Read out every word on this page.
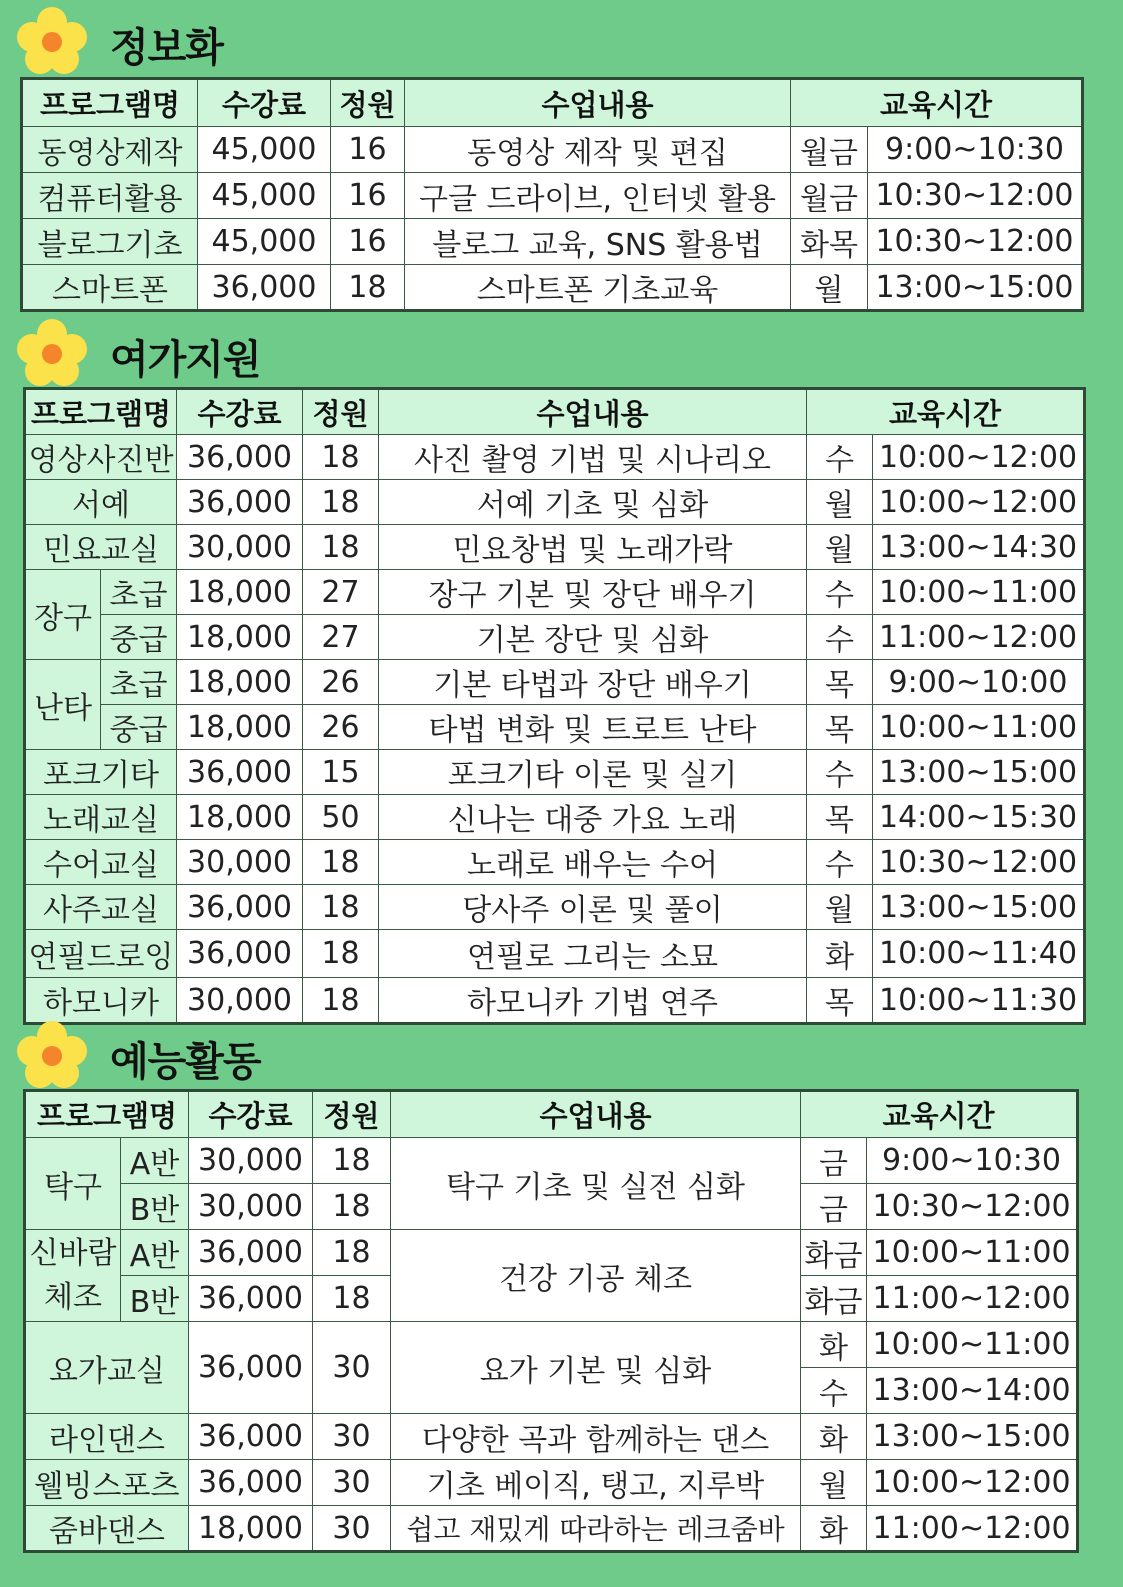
정보화
프로그램명	수강료	정원	수업내용	교육시간	
동영상제작	45,000	16	동영상 제작 및 편집	월금	9:00~10:30
컴퓨터활용	45,000	16	구글 드라이브, 인터넷 활용	월금	10:30~12:00
블로그기초	45,000	16	블로그 교육, SNS 활용법	화목	10:30~12:00
스마트폰	36,000	18	스마트폰 기초교육	월	13:00~15:00
여가지원
프로그램명		수강료	정원	수업내용	교육시간	
영상사진반		36,000	18	사진 촬영 기법 및 시나리오	수	10:00~12:00
서예		36,000	18	서예 기초 및 심화	월	10:00~12:00
민요교실		30,000	18	민요창법 및 노래가락	월	13:00~14:30
장구	초급	18,000	27	장구 기본 및 장단 배우기	수	10:00~11:00
	중급	18,000	27	기본 장단 및 심화	수	11:00~12:00
난타	초급	18,000	26	기본 타법과 장단 배우기	목	9:00~10:00
	중급	18,000	26	타법 변화 및 트로트 난타	목	10:00~11:00
포크기타		36,000	15	포크기타 이론 및 실기	수	13:00~15:00
노래교실		18,000	50	신나는 대중 가요 노래	목	14:00~15:30
수어교실		30,000	18	노래로 배우는 수어	수	10:30~12:00
사주교실		36,000	18	당사주 이론 및 풀이	월	13:00~15:00
연필드로잉		36,000	18	연필로 그리는 소묘	화	10:00~11:40
하모니카		30,000	18	하모니카 기법 연주	목	10:00~11:30
예능활동
프로그램명		수강료	정원	수업내용	교육시간	
탁구	A반	30,000	18	탁구 기초 및 실전 심화	금	9:00~10:30
	B반	30,000	18		금	10:30~12:00

신바람
체조	A반	36,000	18	건강 기공 체조	화금	10:00~11:00
	B반	36,000	18		화금	11:00~12:00
요가교실		36,000	30	요가 기본 및 심화	화	10:00~11:00
					수	13:00~14:00
라인댄스		36,000	30	다양한 곡과 함께하는 댄스	화	13:00~15:00
웰빙스포츠		36,000	30	기초 베이직, 탱고, 지루박	월	10:00~12:00
줌바댄스		18,000	30	쉽고 재밌게 따라하는 레크줌바	화	11:00~12:00
